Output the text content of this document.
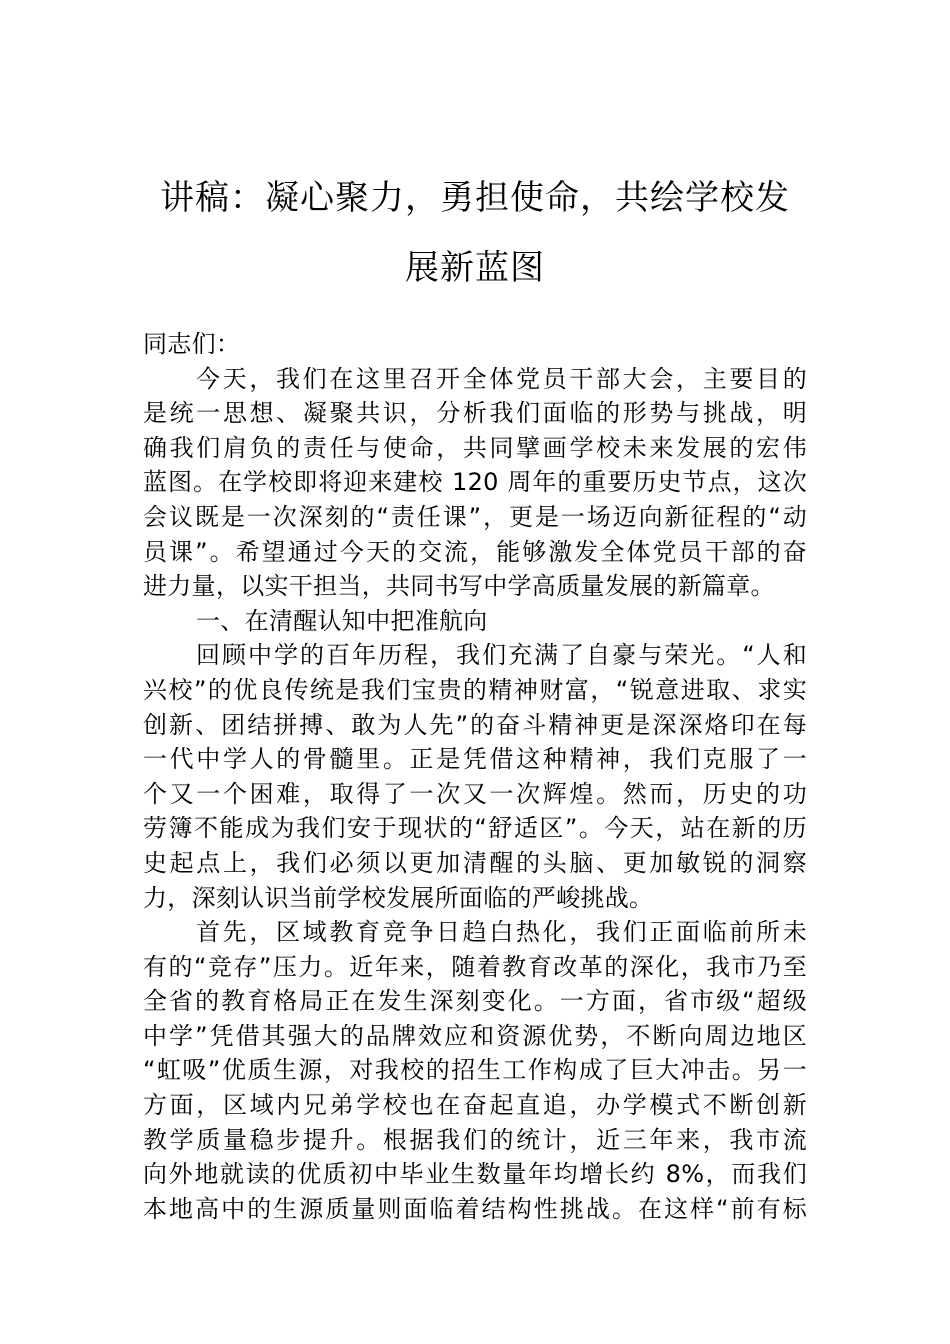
讲稿：凝心聚力，勇担使命，共绘学校发
展新蓝图
同志们：
今天，我们在这里召开全体党员干部大会，主要目的
是统一思想、凝聚共识，分析我们面临的形势与挑战，明
确我们肩负的责任与使命，共同擘画学校未来发展的宏伟
蓝图。在学校即将迎来建校 120 周年的重要历史节点，这次
会议既是一次深刻的“责任课”，更是一场迈向新征程的“动
员课”。希望通过今天的交流，能够激发全体党员干部的奋
进力量，以实干担当，共同书写中学高质量发展的新篇章。
一、在清醒认知中把准航向
回顾中学的百年历程，我们充满了自豪与荣光。“人和
兴校”的优良传统是我们宝贵的精神财富，“锐意进取、求实
创新、团结拼搏、敢为人先”的奋斗精神更是深深烙印在每
一代中学人的骨髓里。正是凭借这种精神，我们克服了一
个又一个困难，取得了一次又一次辉煌。然而，历史的功
劳簿不能成为我们安于现状的“舒适区”。今天，站在新的历
史起点上，我们必须以更加清醒的头脑、更加敏锐的洞察
力，深刻认识当前学校发展所面临的严峻挑战。
首先，区域教育竞争日趋白热化，我们正面临前所未
有的“竞存”压力。近年来，随着教育改革的深化，我市乃至
全省的教育格局正在发生深刻变化。一方面，省市级“超级
中学”凭借其强大的品牌效应和资源优势，不断向周边地区
“虹吸”优质生源，对我校的招生工作构成了巨大冲击。另一
方面，区域内兄弟学校也在奋起直追，办学模式不断创新
教学质量稳步提升。根据我们的统计，近三年来，我市流
向外地就读的优质初中毕业生数量年均增长约 8%，而我们
本地高中的生源质量则面临着结构性挑战。在这样“前有标
